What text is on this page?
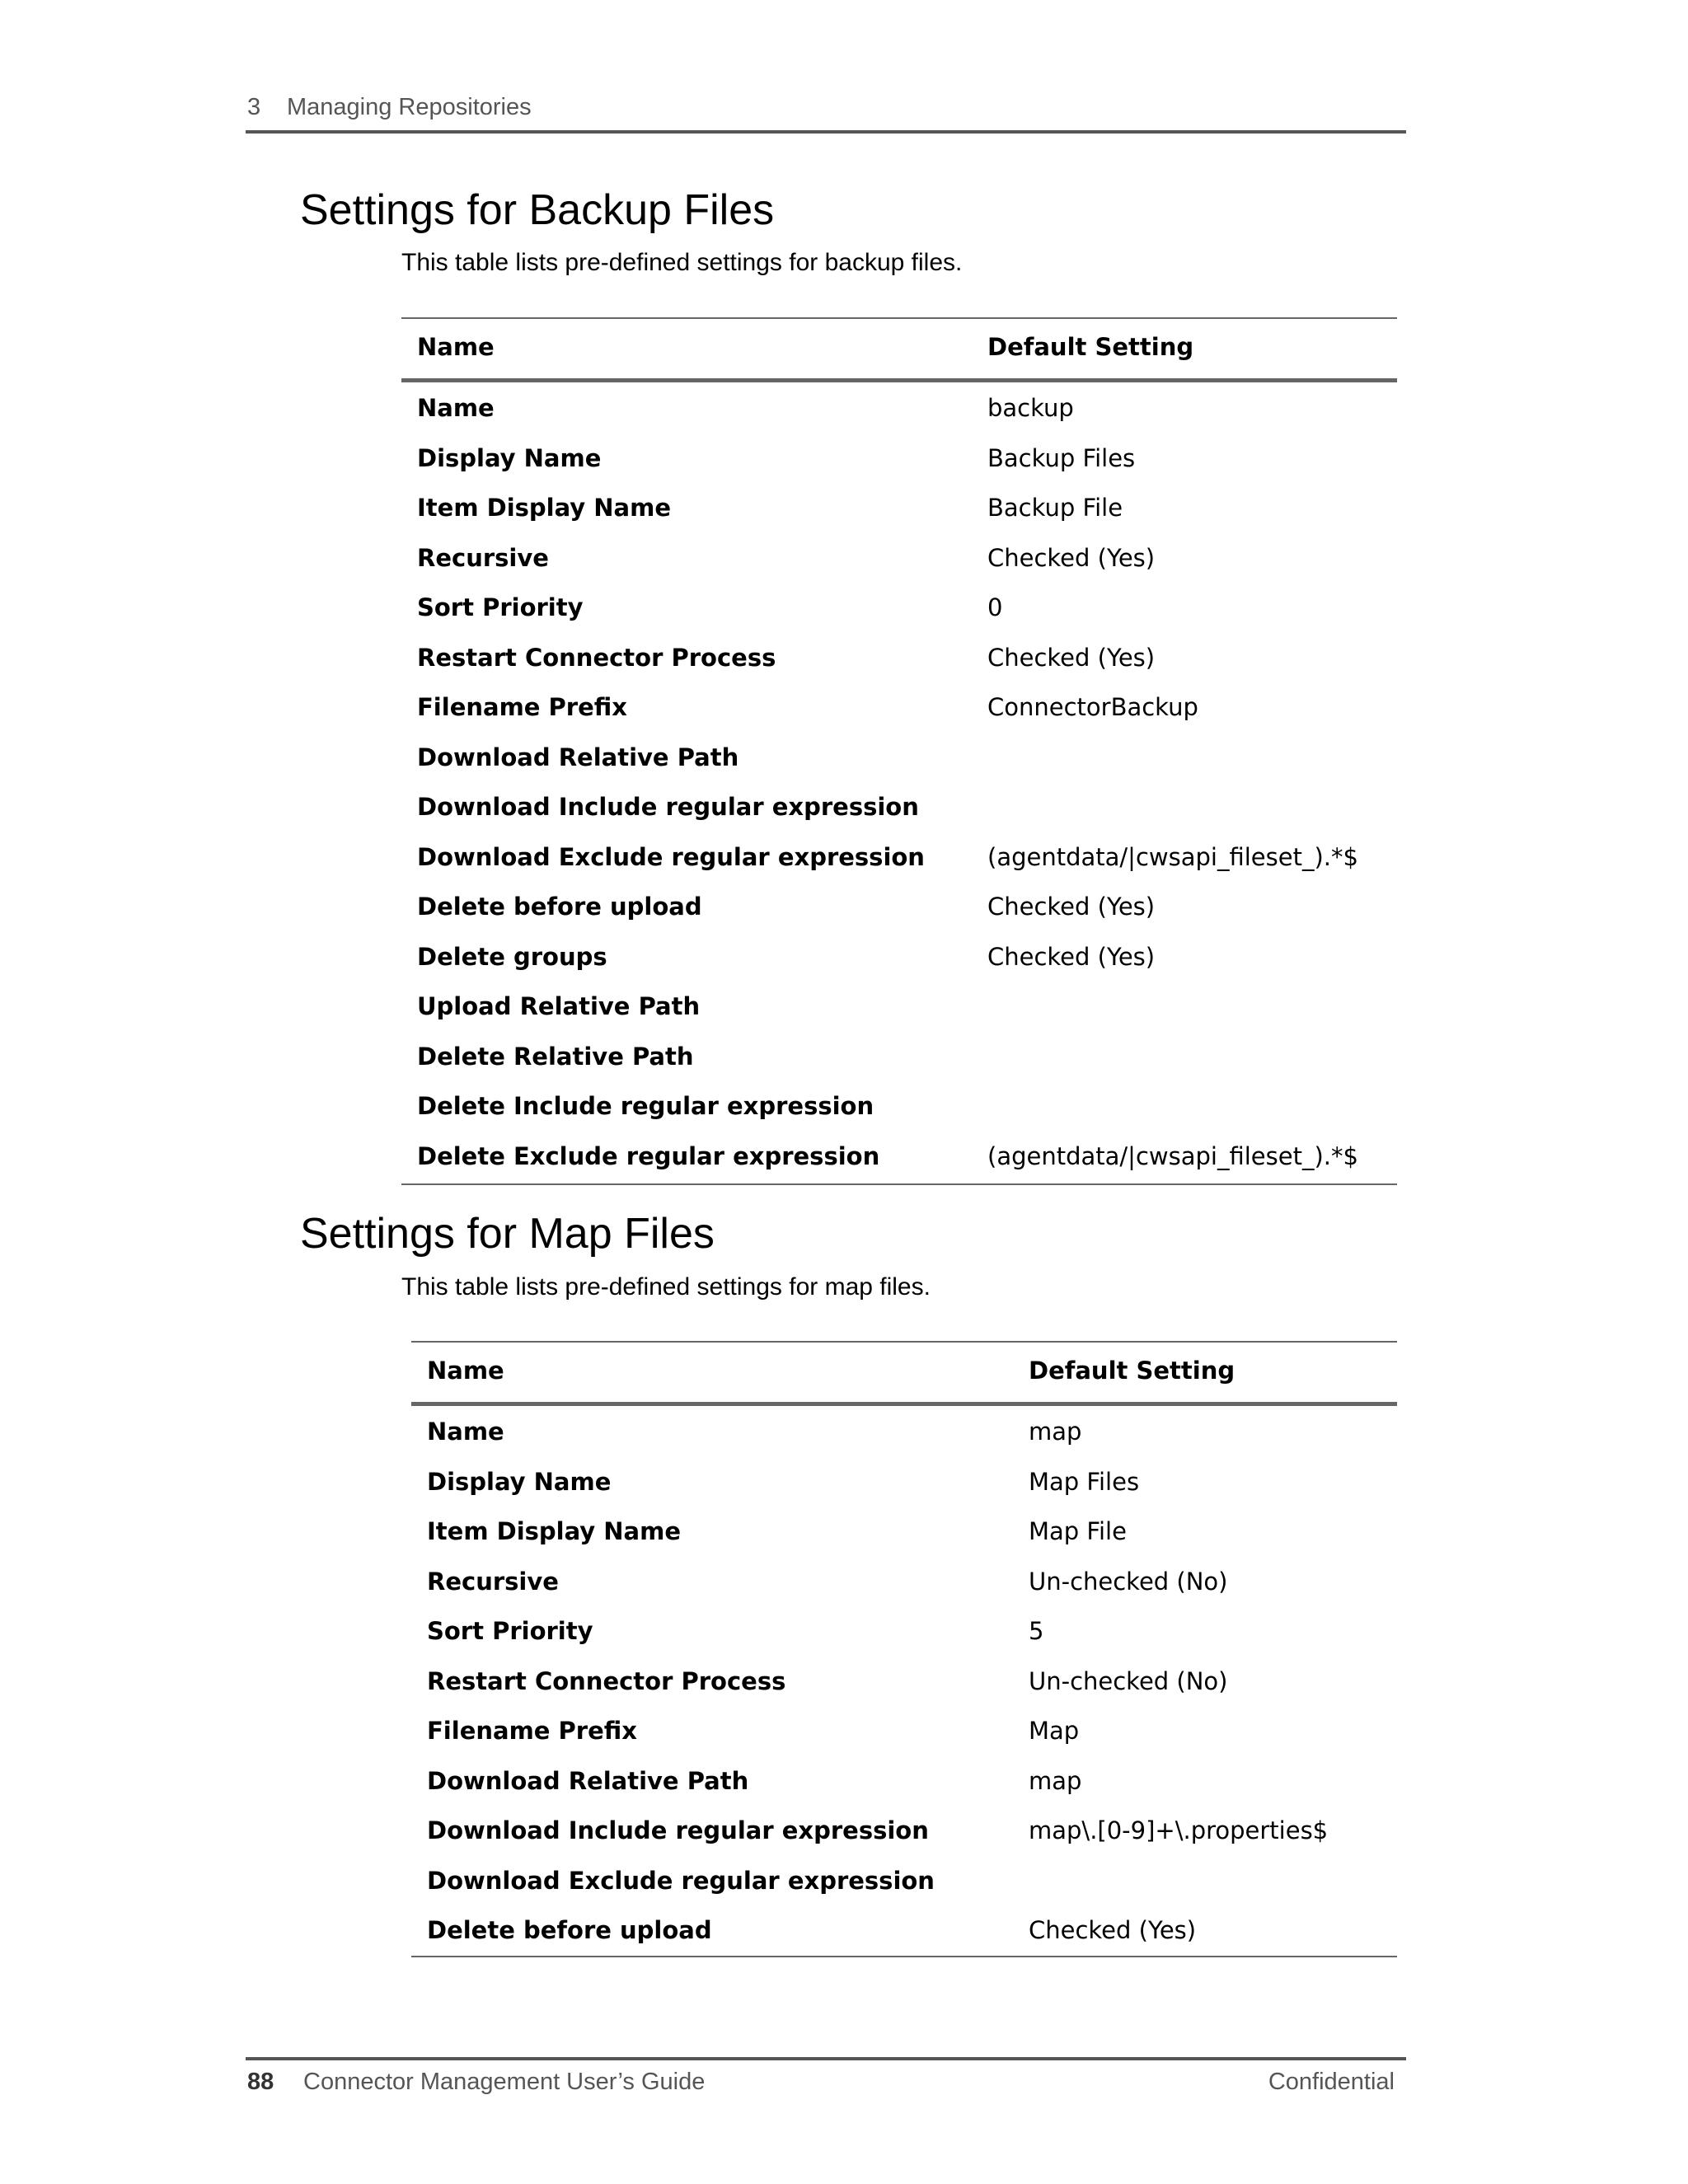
3 Managing Repositories
Settings for Backup Files

This table lists pre-defined settings for backup files.

Name	Default Setting
Name	backup
Display Name	Backup Files
Item Display Name	Backup File
Recursive	Checked (Yes)
Sort Priority	0
Restart Connector Process	Checked (Yes)
Filename Prefix	ConnectorBackup
Download Relative Path
Download Include regular expression
Download Exclude regular expression	(agentdata/|cwsapi_fileset_).*$
Delete before upload	Checked (Yes)
Delete groups	Checked (Yes)
Upload Relative Path
Delete Relative Path
Delete Include regular expression
Delete Exclude regular expression	(agentdata/|cwsapi_fileset_).*$
Settings for Map Files

This table lists pre-defined settings for map files.

Name	Default Setting
Name	map
Display Name	Map Files
Item Display Name	Map File
Recursive	Un-checked (No)
Sort Priority	5
Restart Connector Process	Un-checked (No)
Filename Prefix	Map
Download Relative Path	map
Download Include regular expression	map\.[0-9]+\.properties$
Download Exclude regular expression
Delete before upload	Checked (Yes)
88 Connector Management User’s Guide	Confidential
